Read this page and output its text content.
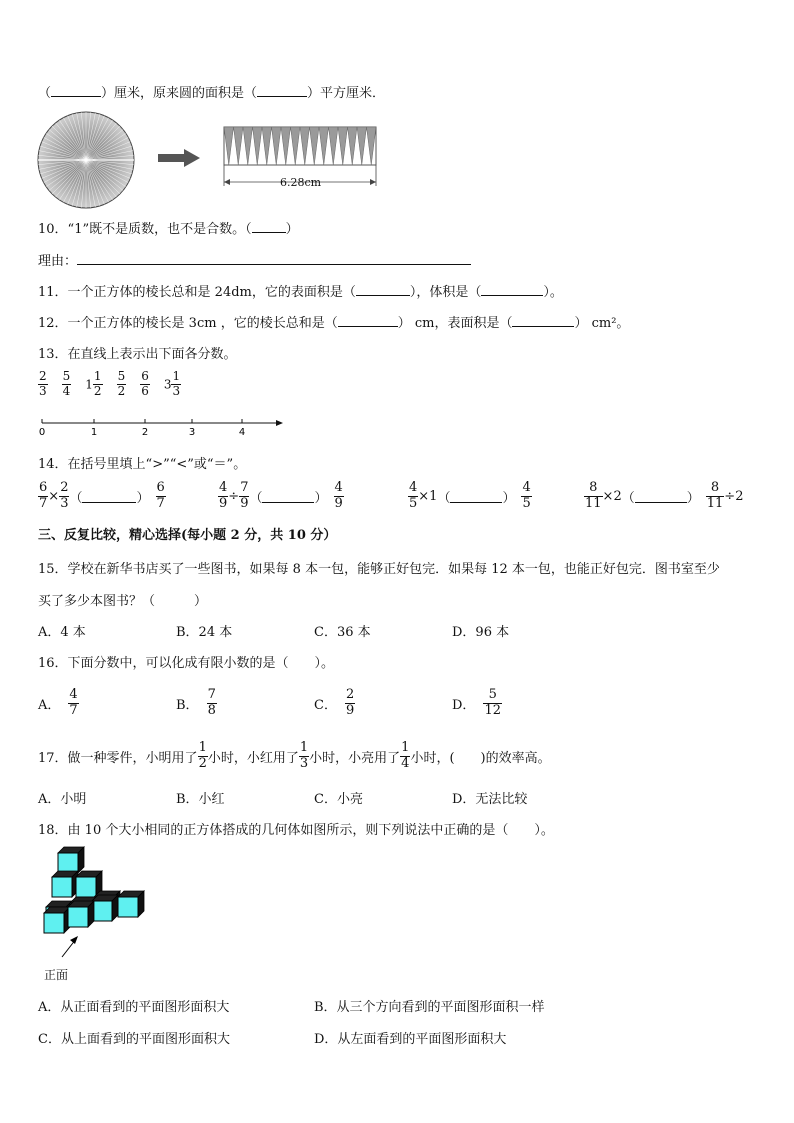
（	）厘米，原来圆的面积是（	）平方厘米．
6.28cm
10．“1”既不是质数，也不是合数。（	）
理由：
11．一个正方体的棱长总和是 24dm，它的表面积是（	），体积是（	）。
12．一个正方体的棱长是 3cm ，它的棱长总和是（	） cm，表面积是（	） cm²。
13．在直线上表示出下面各分数。
$\frac{2}{3} \frac{5}{4} 1 \frac{1}{2} \frac{5}{2} \frac{6}{6} 3 \frac{1}{3}$
0	1	2	3	4
14．在括号里填上“>”“<”或“＝”。
$\frac{6}{7} \times \frac{2}{3}$ （	） $\frac{6}{7}$	$\frac{4}{9} \div \frac{7}{9}$ （	） $\frac{4}{9}$	$\frac{4}{5} \times 1$（	） $\frac{4}{5}$	$\frac{8}{11} \times 2$（	） $\frac{8}{11} \div 2$
三、反复比较，精心选择(每小题 2 分，共 10 分）
15．学校在新华书店买了一些图书，如果每 8 本一包，能够正好包完．如果每 12 本一包，也能正好包完．图书室至少
买了多少本图书？（　　　）
A．4 本	B．24 本	C．36 本	D．96 本
16．下面分数中，可以化成有限小数的是（　　）。
A． $\frac{4}{7}$	B． $\frac{7}{8}$	C． $\frac{2}{9}$	D． $\frac{5}{12}$
17．做一种零件，小明用了 $\frac{1}{2}$ 小时，小红用了 $\frac{1}{3}$ 小时，小亮用了 $\frac{1}{4}$ 小时，(　　)的效率高。
A．小明	B．小红	C．小亮	D．无法比较
18．由 10 个大小相同的正方体搭成的几何体如图所示，则下列说法中正确的是（　　）。
正面
A．从正面看到的平面图形面积大	B．从三个方向看到的平面图形面积一样
C．从上面看到的平面图形面积大	D．从左面看到的平面图形面积大
